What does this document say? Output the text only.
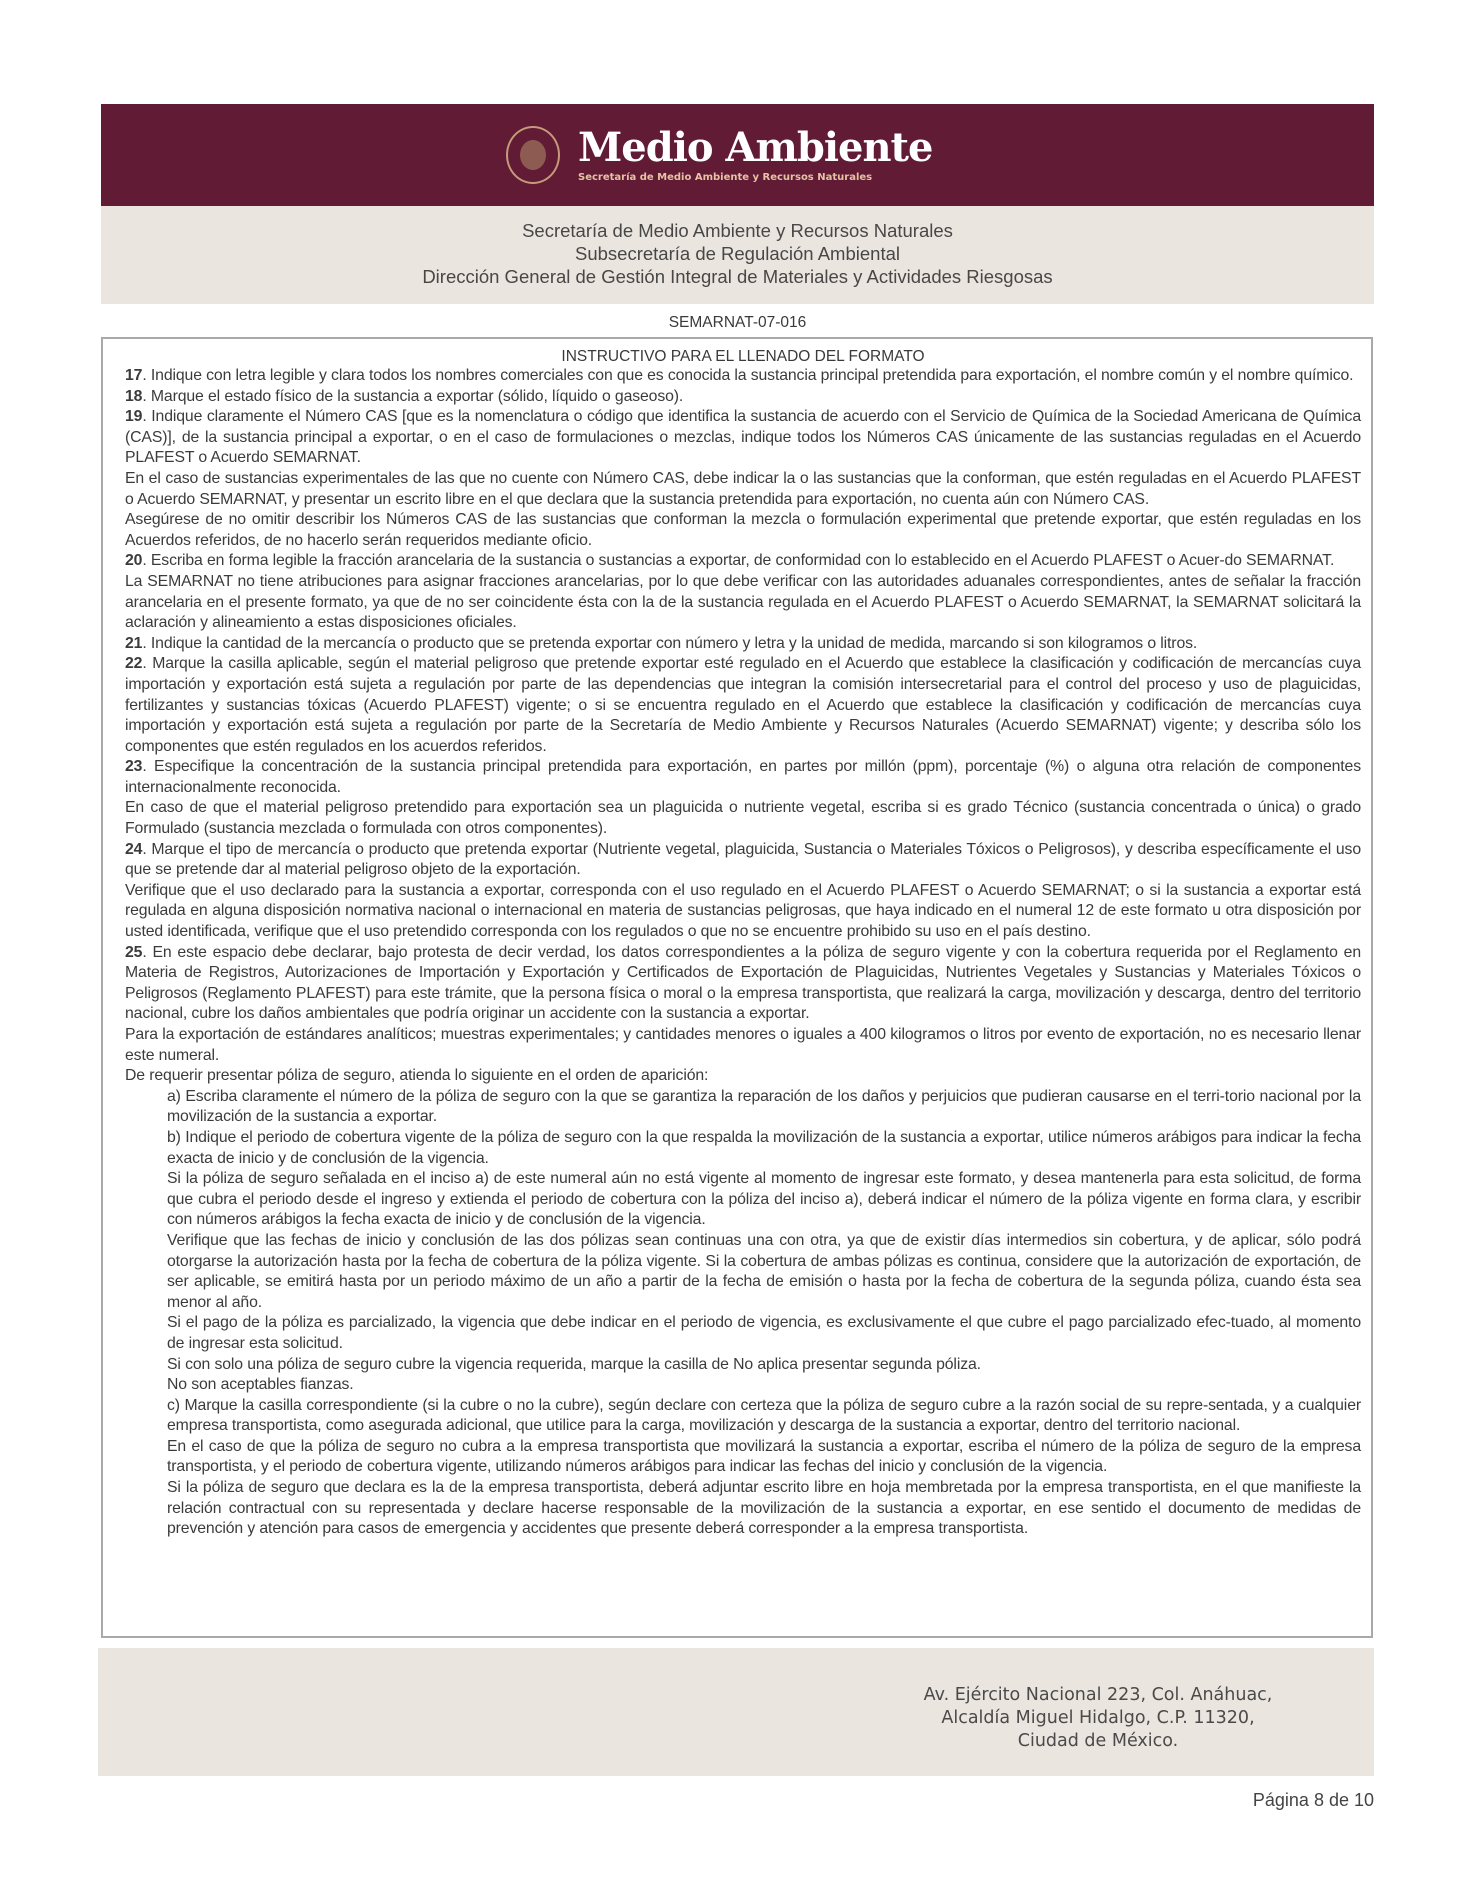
Medio Ambiente
Secretaría de Medio Ambiente y Recursos Naturales
Secretaría de Medio Ambiente y Recursos Naturales
Subsecretaría de Regulación Ambiental
Dirección General de Gestión Integral de Materiales y Actividades Riesgosas
SEMARNAT-07-016
INSTRUCTIVO PARA EL LLENADO DEL FORMATO
17. Indique con letra legible y clara todos los nombres comerciales con que es conocida la sustancia principal pretendida para exportación, el nombre común y el nombre químico.
18. Marque el estado físico de la sustancia a exportar (sólido, líquido o gaseoso).
19. Indique claramente el Número CAS [que es la nomenclatura o código que identifica la sustancia de acuerdo con el Servicio de Química de la Sociedad Americana de Química (CAS)], de la sustancia principal a exportar, o en el caso de formulaciones o mezclas, indique todos los Números CAS únicamente de las sustancias reguladas en el Acuerdo PLAFEST o Acuerdo SEMARNAT.
En el caso de sustancias experimentales de las que no cuente con Número CAS, debe indicar la o las sustancias que la conforman, que estén reguladas en el Acuerdo PLAFEST o Acuerdo SEMARNAT, y presentar un escrito libre en el que declara que la sustancia pretendida para exportación, no cuenta aún con Número CAS.
Asegúrese de no omitir describir los Números CAS de las sustancias que conforman la mezcla o formulación experimental que pretende exportar, que estén reguladas en los Acuerdos referidos, de no hacerlo serán requeridos mediante oficio.
20. Escriba en forma legible la fracción arancelaria de la sustancia o sustancias a exportar, de conformidad con lo establecido en el Acuerdo PLAFEST o Acuer-do SEMARNAT.
La SEMARNAT no tiene atribuciones para asignar fracciones arancelarias, por lo que debe verificar con las autoridades aduanales correspondientes, antes de señalar la fracción arancelaria en el presente formato, ya que de no ser coincidente ésta con la de la sustancia regulada en el Acuerdo PLAFEST o Acuerdo SEMARNAT, la SEMARNAT solicitará la aclaración y alineamiento a estas disposiciones oficiales.
21. Indique la cantidad de la mercancía o producto que se pretenda exportar con número y letra y la unidad de medida, marcando si son kilogramos o litros.
22. Marque la casilla aplicable, según el material peligroso que pretende exportar esté regulado en el Acuerdo que establece la clasificación y codificación de mercancías cuya importación y exportación está sujeta a regulación por parte de las dependencias que integran la comisión intersecretarial para el control del proceso y uso de plaguicidas, fertilizantes y sustancias tóxicas (Acuerdo PLAFEST) vigente; o si se encuentra regulado en el Acuerdo que establece la clasificación y codificación de mercancías cuya importación y exportación está sujeta a regulación por parte de la Secretaría de Medio Ambiente y Recursos Naturales (Acuerdo SEMARNAT) vigente; y describa sólo los componentes que estén regulados en los acuerdos referidos.
23. Especifique la concentración de la sustancia principal pretendida para exportación, en partes por millón (ppm), porcentaje (%) o alguna otra relación de componentes internacionalmente reconocida.
En caso de que el material peligroso pretendido para exportación sea un plaguicida o nutriente vegetal, escriba si es grado Técnico (sustancia concentrada o única) o grado Formulado (sustancia mezclada o formulada con otros componentes).
24. Marque el tipo de mercancía o producto que pretenda exportar (Nutriente vegetal, plaguicida, Sustancia o Materiales Tóxicos o Peligrosos), y describa específicamente el uso que se pretende dar al material peligroso objeto de la exportación.
Verifique que el uso declarado para la sustancia a exportar, corresponda con el uso regulado en el Acuerdo PLAFEST o Acuerdo SEMARNAT; o si la sustancia a exportar está regulada en alguna disposición normativa nacional o internacional en materia de sustancias peligrosas, que haya indicado en el numeral 12 de este formato u otra disposición por usted identificada, verifique que el uso pretendido corresponda con los regulados o que no se encuentre prohibido su uso en el país destino.
25. En este espacio debe declarar, bajo protesta de decir verdad, los datos correspondientes a la póliza de seguro vigente y con la cobertura requerida por el Reglamento en Materia de Registros, Autorizaciones de Importación y Exportación y Certificados de Exportación de Plaguicidas, Nutrientes Vegetales y Sustancias y Materiales Tóxicos o Peligrosos (Reglamento PLAFEST) para este trámite, que la persona física o moral o la empresa transportista, que realizará la carga, movilización y descarga, dentro del territorio nacional, cubre los daños ambientales que podría originar un accidente con la sustancia a exportar.
Para la exportación de estándares analíticos; muestras experimentales; y cantidades menores o iguales a 400 kilogramos o litros por evento de exportación, no es necesario llenar este numeral.
De requerir presentar póliza de seguro, atienda lo siguiente en el orden de aparición:
a) Escriba claramente el número de la póliza de seguro con la que se garantiza la reparación de los daños y perjuicios que pudieran causarse en el terri-torio nacional por la movilización de la sustancia a exportar.
b) Indique el periodo de cobertura vigente de la póliza de seguro con la que respalda la movilización de la sustancia a exportar, utilice números arábigos para indicar la fecha exacta de inicio y de conclusión de la vigencia.
Si la póliza de seguro señalada en el inciso a) de este numeral aún no está vigente al momento de ingresar este formato, y desea mantenerla para esta solicitud, de forma que cubra el periodo desde el ingreso y extienda el periodo de cobertura con la póliza del inciso a), deberá indicar el número de la póliza vigente en forma clara, y escribir con números arábigos la fecha exacta de inicio y de conclusión de la vigencia.
Verifique que las fechas de inicio y conclusión de las dos pólizas sean continuas una con otra, ya que de existir días intermedios sin cobertura, y de aplicar, sólo podrá otorgarse la autorización hasta por la fecha de cobertura de la póliza vigente. Si la cobertura de ambas pólizas es continua, considere que la autorización de exportación, de ser aplicable, se emitirá hasta por un periodo máximo de un año a partir de la fecha de emisión o hasta por la fecha de cobertura de la segunda póliza, cuando ésta sea menor al año.
Si el pago de la póliza es parcializado, la vigencia que debe indicar en el periodo de vigencia, es exclusivamente el que cubre el pago parcializado efec-tuado, al momento de ingresar esta solicitud.
Si con solo una póliza de seguro cubre la vigencia requerida, marque la casilla de No aplica presentar segunda póliza.
No son aceptables fianzas.
c) Marque la casilla correspondiente (si la cubre o no la cubre), según declare con certeza que la póliza de seguro cubre a la razón social de su repre-sentada, y a cualquier empresa transportista, como asegurada adicional, que utilice para la carga, movilización y descarga de la sustancia a exportar, dentro del territorio nacional.
En el caso de que la póliza de seguro no cubra a la empresa transportista que movilizará la sustancia a exportar, escriba el número de la póliza de seguro de la empresa transportista, y el periodo de cobertura vigente, utilizando números arábigos para indicar las fechas del inicio y conclusión de la vigencia.
Si la póliza de seguro que declara es la de la empresa transportista, deberá adjuntar escrito libre en hoja membretada por la empresa transportista, en el que manifieste la relación contractual con su representada y declare hacerse responsable de la movilización de la sustancia a exportar, en ese sentido el documento de medidas de prevención y atención para casos de emergencia y accidentes que presente deberá corresponder a la empresa transportista.
Av. Ejército Nacional 223, Col. Anáhuac,
Alcaldía Miguel Hidalgo, C.P. 11320,
Ciudad de México.
Página 8 de 10
